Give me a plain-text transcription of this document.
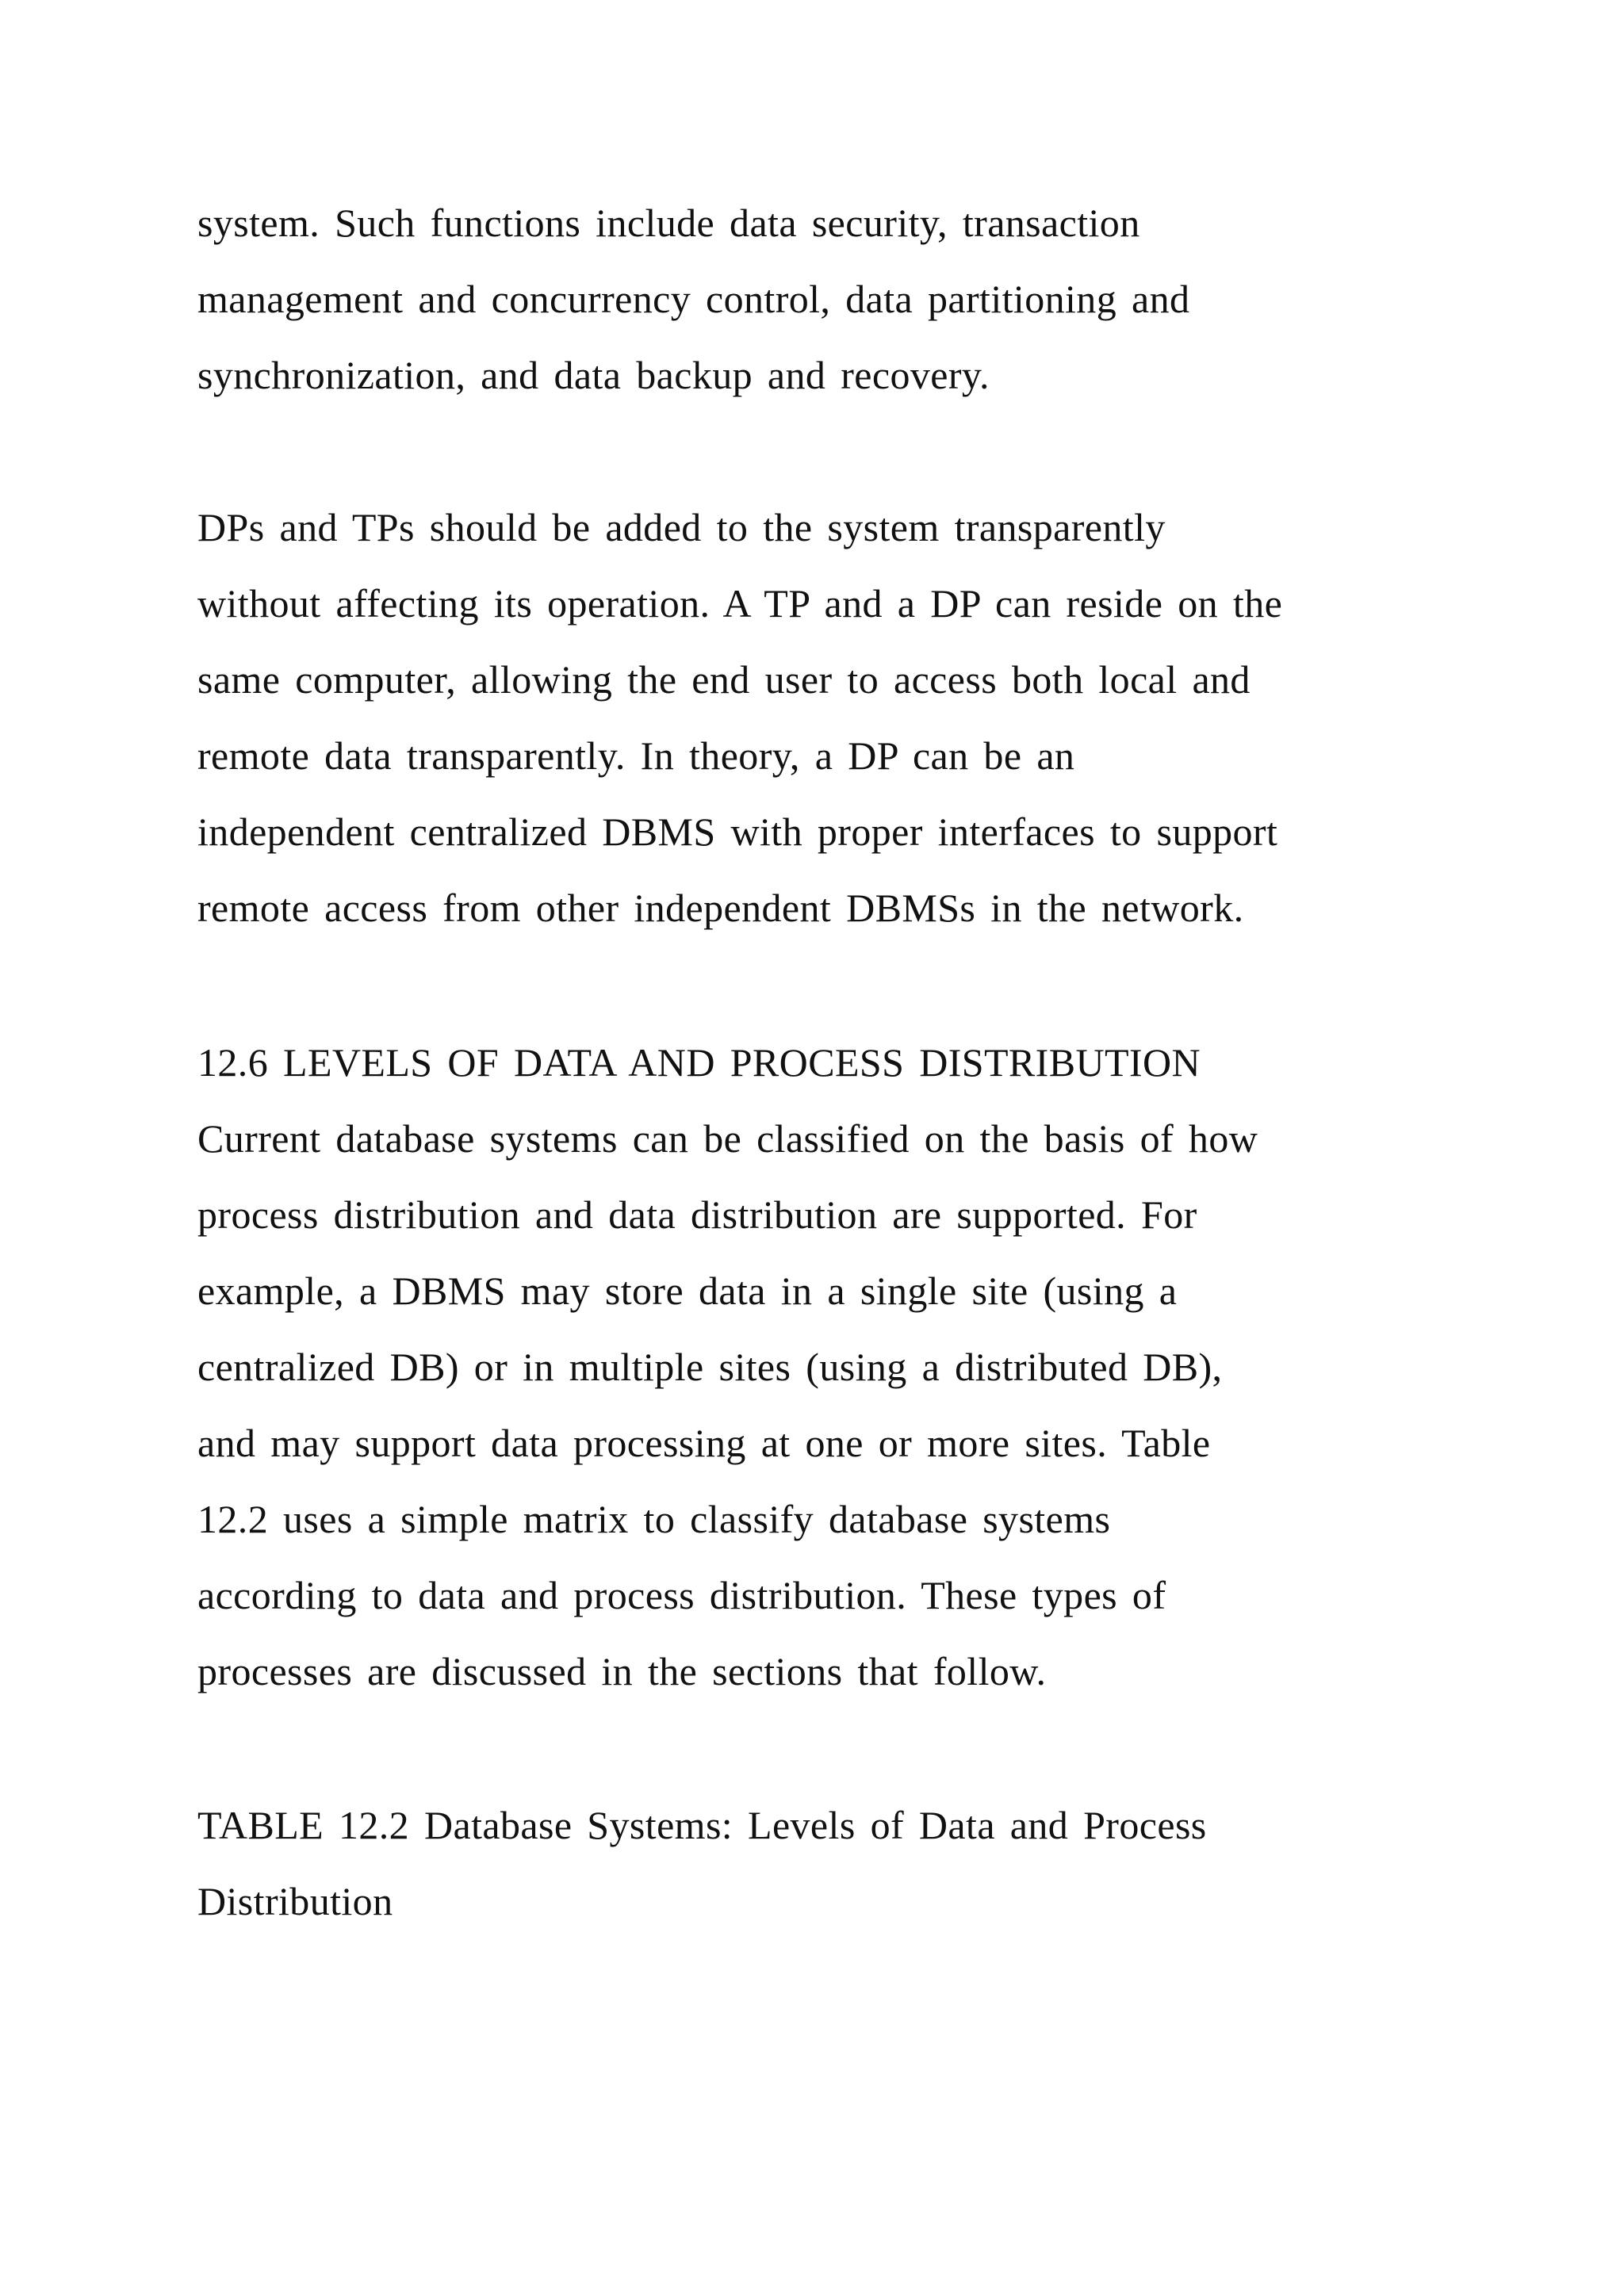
system. Such functions include data security, transaction
management and concurrency control, data partitioning and
synchronization, and data backup and recovery.
DPs and TPs should be added to the system transparently
without affecting its operation. A TP and a DP can reside on the
same computer, allowing the end user to access both local and
remote data transparently. In theory, a DP can be an
independent centralized DBMS with proper interfaces to support
remote access from other independent DBMSs in the network.
12.6 LEVELS OF DATA AND PROCESS DISTRIBUTION
Current database systems can be classified on the basis of how
process distribution and data distribution are supported. For
example, a DBMS may store data in a single site (using a
centralized DB) or in multiple sites (using a distributed DB),
and may support data processing at one or more sites. Table
12.2 uses a simple matrix to classify database systems
according to data and process distribution. These types of
processes are discussed in the sections that follow.
TABLE 12.2 Database Systems: Levels of Data and Process
Distribution
